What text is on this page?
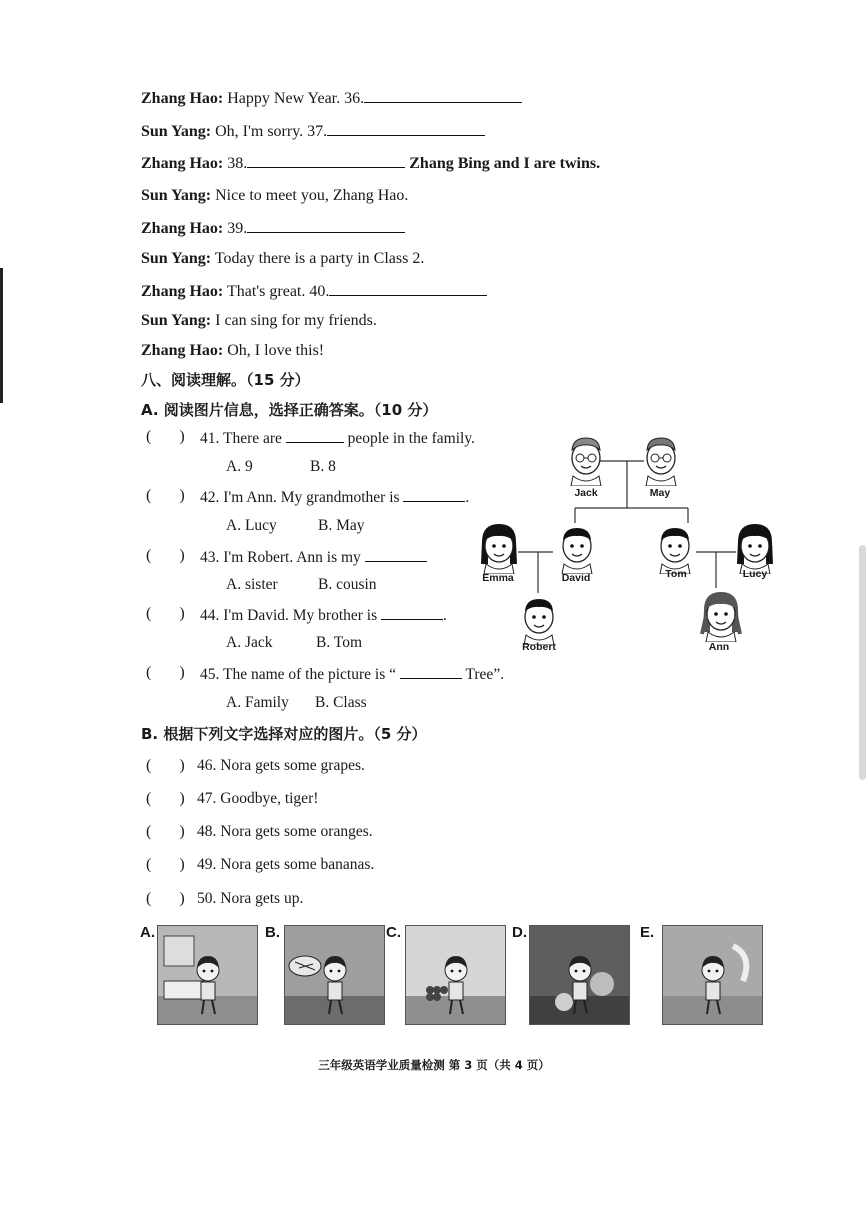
Zhang Hao: Happy New Year. 36.
Sun Yang: Oh, I'm sorry. 37.
Zhang Hao: 38.	Zhang Bing and I are twins.
Sun Yang: Nice to meet you, Zhang Hao.
Zhang Hao: 39.
Sun Yang: Today there is a party in Class 2.
Zhang Hao: That's great. 40.
Sun Yang: I can sing for my friends.
Zhang Hao: Oh, I love this!
八、阅读理解。（15 分）
A. 阅读图片信息，选择正确答案。（10 分）
( ) 41. There are	people in the family.
A. 9	B. 8
( ) 42. I'm Ann. My grandmother is	.
A. Lucy	B. May
( ) 43. I'm Robert. Ann is my
A. sister	B. cousin
( ) 44. I'm David. My brother is	.
A. Jack	B. Tom
( ) 45. The name of the picture is “	Tree”.
A. Family B. Class
Jack	May
Emma	David	Tom	Lucy
Robert	Ann
B. 根据下列文字选择对应的图片。（5 分）
( ) 46. Nora gets some grapes.
( ) 47. Goodbye, tiger!
( ) 48. Nora gets some oranges.
( ) 49. Nora gets some bananas.
( ) 50. Nora gets up.
A.	B.	C.	D.	E.
三年级英语学业质量检测 第 3 页（共 4 页）
